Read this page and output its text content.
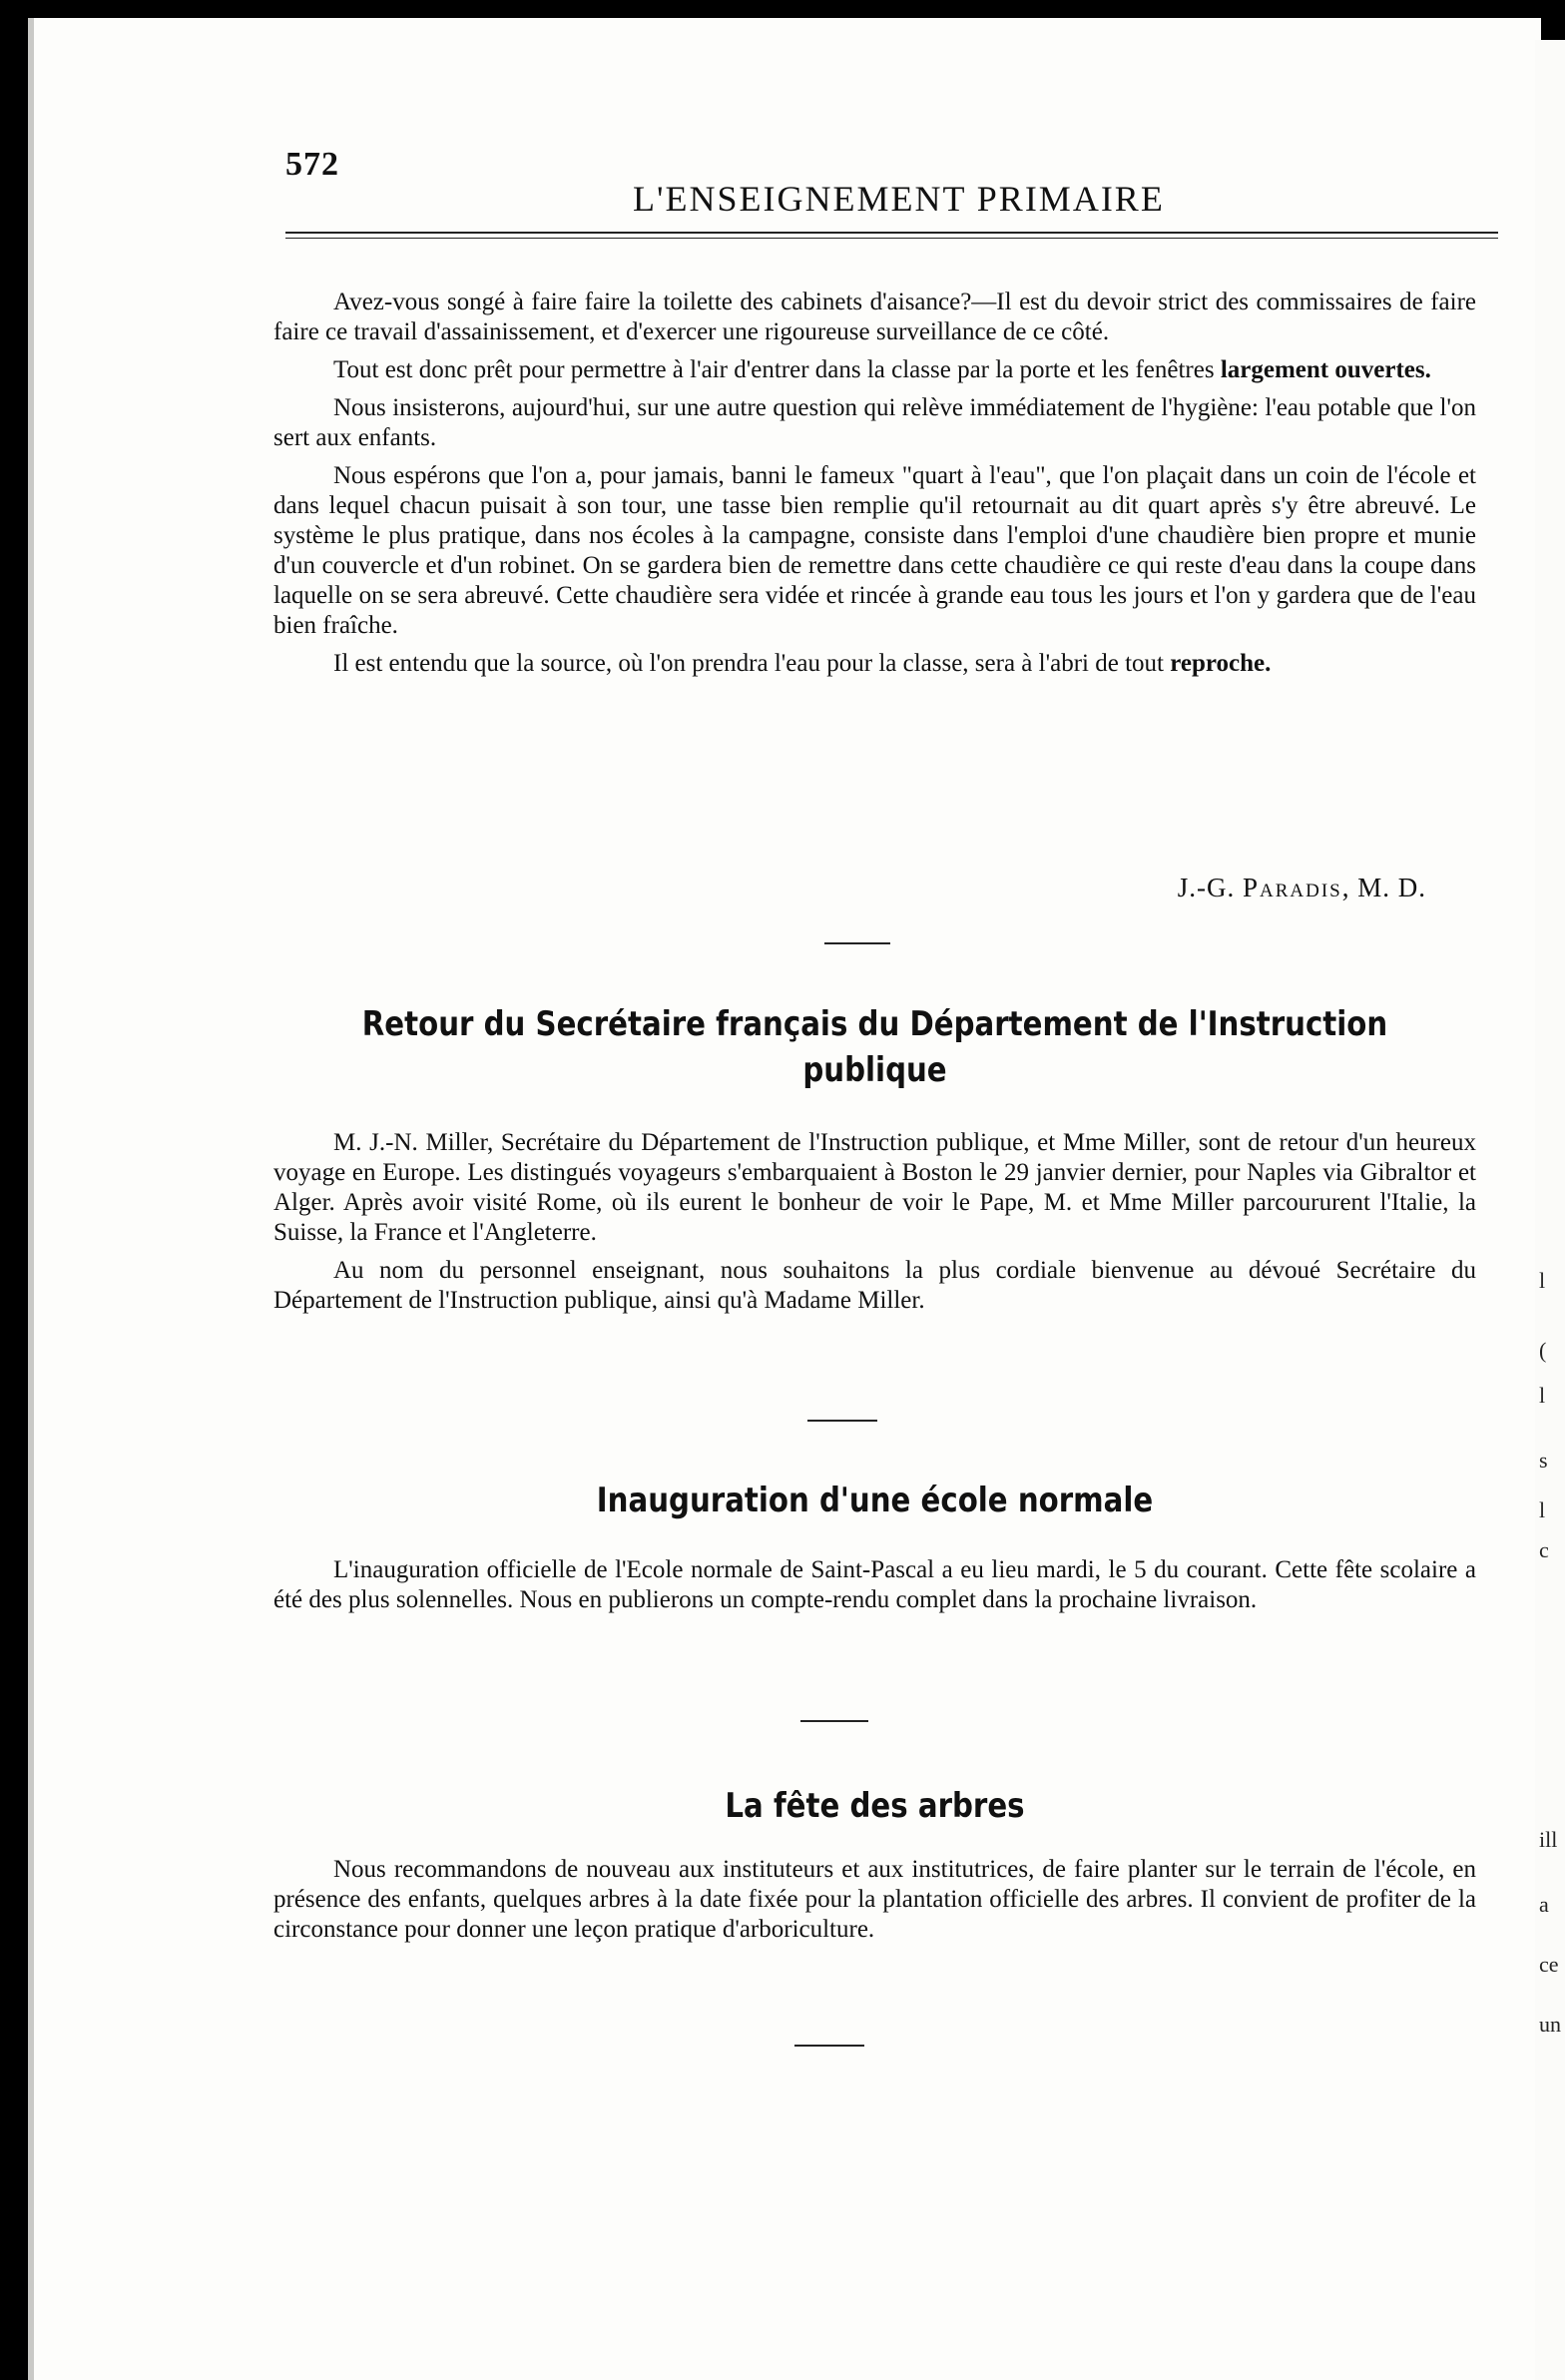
572
L'ENSEIGNEMENT PRIMAIRE

Avez-vous songé à faire faire la toilette des cabinets d'aisance?—Il est du devoir strict des commissaires de faire faire ce travail d'assainissement, et d'exercer une rigoureuse surveillance de ce côté.

Tout est donc prêt pour permettre à l'air d'entrer dans la classe par la porte et les fenêtres largement ouvertes.

Nous insisterons, aujourd'hui, sur une autre question qui relève immédiatement de l'hygiène: l'eau potable que l'on sert aux enfants.

Nous espérons que l'on a, pour jamais, banni le fameux "quart à l'eau", que l'on plaçait dans un coin de l'école et dans lequel chacun puisait à son tour, une tasse bien remplie qu'il retournait au dit quart après s'y être abreuvé. Le système le plus pratique, dans nos écoles à la campagne, consiste dans l'emploi d'une chaudière bien propre et munie d'un couvercle et d'un robinet. On se gardera bien de remettre dans cette chaudière ce qui reste d'eau dans la coupe dans laquelle on se sera abreuvé. Cette chaudière sera vidée et rincée à grande eau tous les jours et l'on y gardera que de l'eau bien fraîche.

Il est entendu que la source, où l'on prendra l'eau pour la classe, sera à l'abri de tout reproche.

J.-G. Paradis, M. D.
Retour du Secrétaire français du Département de l'Instruction publique

M. J.-N. Miller, Secrétaire du Département de l'Instruction publique, et Mme Miller, sont de retour d'un heureux voyage en Europe. Les distingués voyageurs s'embarquaient à Boston le 29 janvier dernier, pour Naples via Gibraltor et Alger. Après avoir visité Rome, où ils eurent le bonheur de voir le Pape, M. et Mme Miller parcoururent l'Italie, la Suisse, la France et l'Angleterre.

Au nom du personnel enseignant, nous souhaitons la plus cordiale bienvenue au dévoué Secrétaire du Département de l'Instruction publique, ainsi qu'à Madame Miller.

Inauguration d'une école normale

L'inauguration officielle de l'Ecole normale de Saint-Pascal a eu lieu mardi, le 5 du courant. Cette fête scolaire a été des plus solennelles. Nous en publierons un compte-rendu complet dans la prochaine livraison.

La fête des arbres

Nous recommandons de nouveau aux instituteurs et aux institutrices, de faire planter sur le terrain de l'école, en présence des enfants, quelques arbres à la date fixée pour la plantation officielle des arbres. Il convient de profiter de la circonstance pour donner une leçon pratique d'arboriculture.

l
(
l
s
l
c
ill
a
ce
un
